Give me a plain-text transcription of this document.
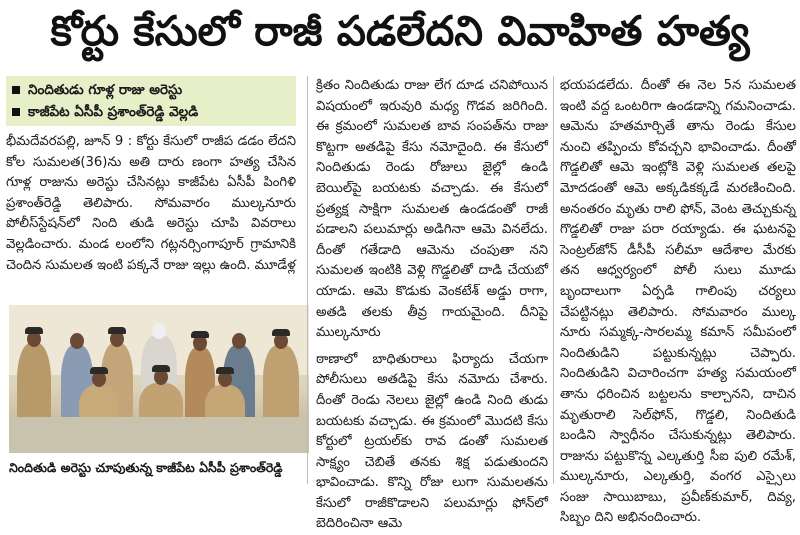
కోర్టు కేసులో రాజీ పడలేదని వివాహిత హత్య
నిందితుడు గూళ్ల రాజు అరెస్టు
కాజీపేట ఏసీపీ ప్రశాంత్‌రెడ్డి వెల్లడి

భీమదేవరపల్లి, జూన్ 9 : కోర్టు కేసులో రాజీప డడం లేదని కోల సుమలత(36)ను అతి దారు ణంగా హత్య చేసిన గూళ్ల రాజును అరెస్టు చేసినట్లు కాజీపేట ఏసీపీ పింగిళి ప్రశాంత్‌రెడ్డి తెలిపారు. సోమవారం ముల్కనూరు పోలీస్‌స్టేషన్‌లో నింది తుడి అరెస్టు చూపి వివరాలు వెల్లడించారు. మండ లంలోని గట్లనర్సింగాపూర్ గ్రామానికి చెందిన సుమలత ఇంటి పక్కనే రాజు ఇల్లు ఉంది. మూడేళ్ల

నిందితుడి అరెస్టు చూపుతున్న కాజీపేట ఏసీపీ ప్రశాంత్‌రెడ్డి

క్రితం నిందితుడు రాజు లేగ దూడ చనిపోయిన విషయంలో ఇరువురి మధ్య గొడవ జరిగింది. ఈ క్రమంలో సుమలత బావ సంపత్‌ను రాజు కొట్టగా అతడిపై కేసు నమోదైంది. ఈ కేసులో నిందితుడు రెండు రోజులు జైల్లో ఉండి బెయిల్‌పై బయటకు వచ్చాడు. ఈ కేసులో ప్రత్యక్ష సాక్షిగా సుమలత ఉండడంతో రాజీ పడాలని పలుమార్లు అడిగినా ఆమె వినలేదు. దీంతో గతేడాది ఆమెను చంపుతా నని సుమలత ఇంటికి వెళ్లి గొడ్డలితో దాడి చేయబో యాడు. ఆమె కొడుకు వెంకటేశ్ అడ్డు రాగా, అతడి తలకు తీవ్ర గాయమైంది. దీనిపై ముల్కనూరు

ఠాణాలో బాధితురాలు ఫిర్యాదు చేయగా పోలీసులు అతడిపై కేసు నమోదు చేశారు. దీంతో రెండు నెలలు జైల్లో ఉండి నింది తుడు బయటకు వచ్చాడు. ఈ క్రమంలో మొదటి కేసు కోర్టులో ట్రయల్‌కు రావ డంతో సుమలత సాక్ష్యం చెబితే తనకు శిక్ష పడుతుందని భావించాడు. కొన్ని రోజు లుగా సుమలతను కేసులో రాజీకొడాలని పలుమార్లు ఫోన్‌లో బెదిరించినా ఆమె

భయపడలేదు. దీంతో ఈ నెల 5న సుమలత ఇంటి వద్ద ఒంటరిగా ఉండడాన్ని గమనించాడు. ఆమెను హతమార్చితే తాను రెండు కేసుల నుంచి తప్పించు కోవచ్చని భావించాడు. దీంతో గొడ్డలితో ఆమె ఇంట్లోకి వెళ్లి సుమలత తలపై మోదడంతో ఆమె అక్కడికక్కడే మరణించింది. అనంతరం మృతు రాలి ఫోన్, వెంట తెచ్చుకున్న గొడ్డలితో రాజు పరా రయ్యాడు. ఈ ఘటనపై సెంట్రల్‌జోన్ డీసీపీ సలీమా ఆదేశాల మేరకు తన ఆధ్వర్యంలో పోలీ సులు మూడు బృందాలుగా ఏర్పడి గాలింపు చర్యలు చేపట్టినట్లు తెలిపారు. సోమవారం ముల్క నూరు సమ్మక్క-సారలమ్మ కమాన్ సమీపంలో నిందితుడిని పట్టుకున్నట్లు చెప్పారు. నిందితుడిని విచారించగా హత్య సమయంలో తాను ధరించిన బట్టలను కాల్చానని, దాచిన మృతురాలి సెల్‌ఫోన్, గొడ్డలి, నిందితుడి బండిని స్వాధీనం చేసుకున్నట్లు తెలిపారు. రాజును పట్టుకొన్న ఎల్కతుర్తి సీఐ పులి రమేశ్, ముల్కనూరు, ఎల్కతుర్తి, వంగర ఎస్సైలు సంజు సాయిబాబు, ప్రవీణ్‌కుమార్, దివ్య, సిబ్బం దిని అభినందించారు.
